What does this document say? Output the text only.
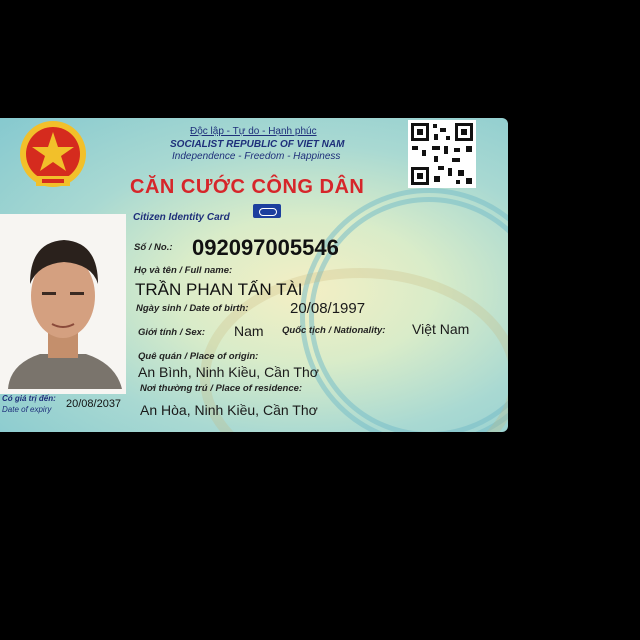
Độc lập - Tự do - Hạnh phúc
SOCIALIST REPUBLIC OF VIET NAM
Independence - Freedom - Happiness
CĂN CƯỚC CÔNG DÂN
Citizen Identity Card
Số / No.: 092097005546
Họ và tên / Full name:
TRẦN PHAN TẤN TÀI
Ngày sinh / Date of birth:	20/08/1997
Giới tính / Sex: Nam Quốc tịch / Nationality: Việt Nam
Quê quán / Place of origin:
An Bình, Ninh Kiều, Cần Thơ
Nơi thường trú / Place of residence:
An Hòa, Ninh Kiều, Cần Thơ
Có giá trị đến:
Date of expiry 20/08/2037
